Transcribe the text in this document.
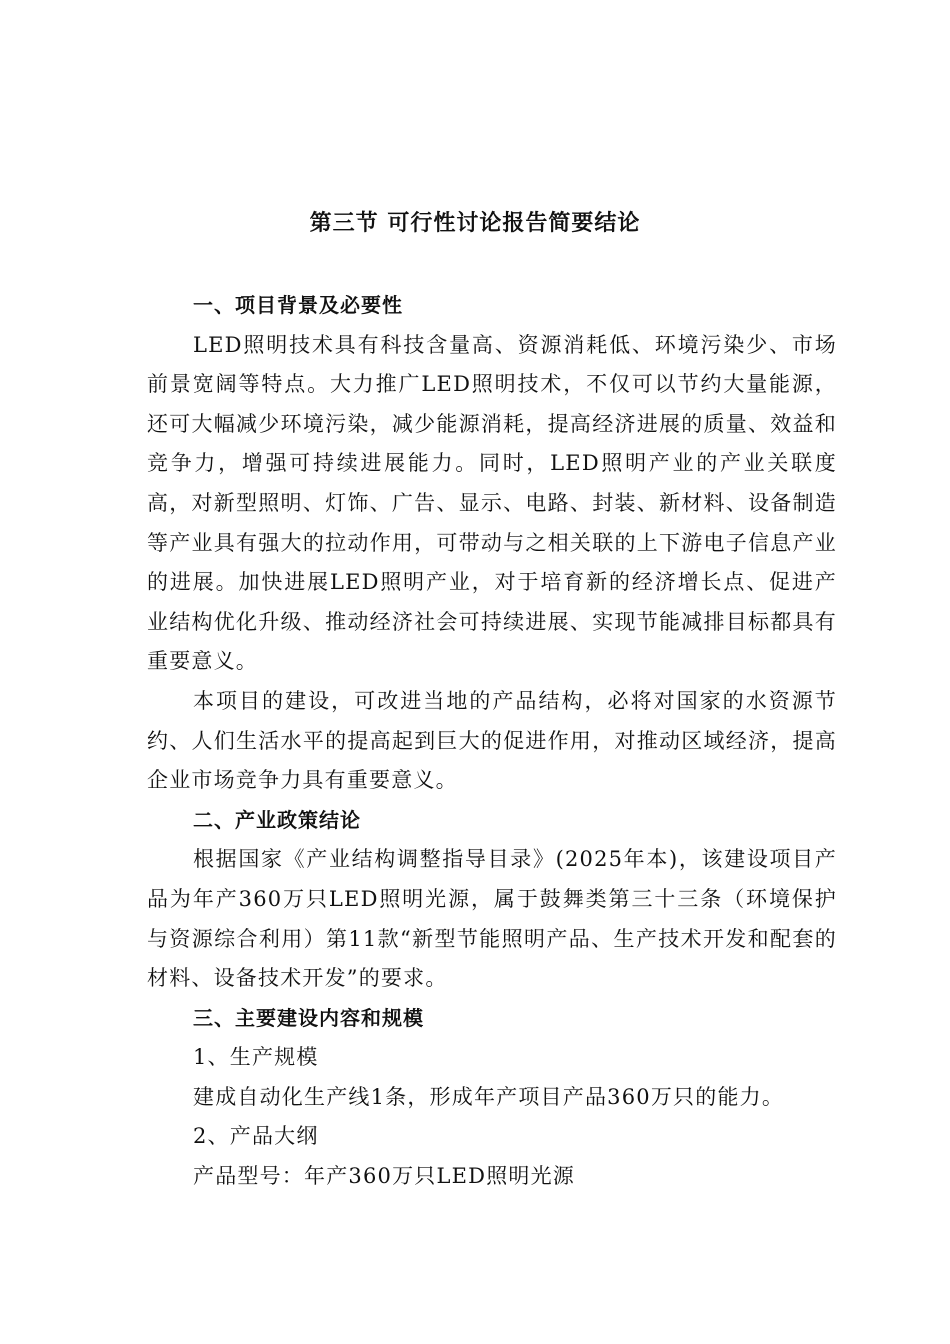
第三节 可行性讨论报告简要结论
一、项目背景及必要性

LED照明技术具有科技含量高、资源消耗低、环境污染少、市场前景宽阔等特点。大力推广LED照明技术，不仅可以节约大量能源，还可大幅减少环境污染，减少能源消耗，提高经济进展的质量、效益和竞争力，增强可持续进展能力。同时，LED照明产业的产业关联度高，对新型照明、灯饰、广告、显示、电路、封装、新材料、设备制造等产业具有强大的拉动作用，可带动与之相关联的上下游电子信息产业的进展。加快进展LED照明产业，对于培育新的经济增长点、促进产业结构优化升级、推动经济社会可持续进展、实现节能减排目标都具有重要意义。

本项目的建设，可改进当地的产品结构，必将对国家的水资源节约、人们生活水平的提高起到巨大的促进作用，对推动区域经济，提高企业市场竞争力具有重要意义。

二、产业政策结论

根据国家《产业结构调整指导目录》(2025年本)，该建设项目产品为年产360万只LED照明光源，属于鼓舞类第三十三条（环境保护与资源综合利用）第11款“新型节能照明产品、生产技术开发和配套的材料、设备技术开发”的要求。

三、主要建设内容和规模

1、生产规模

建成自动化生产线1条，形成年产项目产品360万只的能力。

2、产品大纲

产品型号：年产360万只LED照明光源
